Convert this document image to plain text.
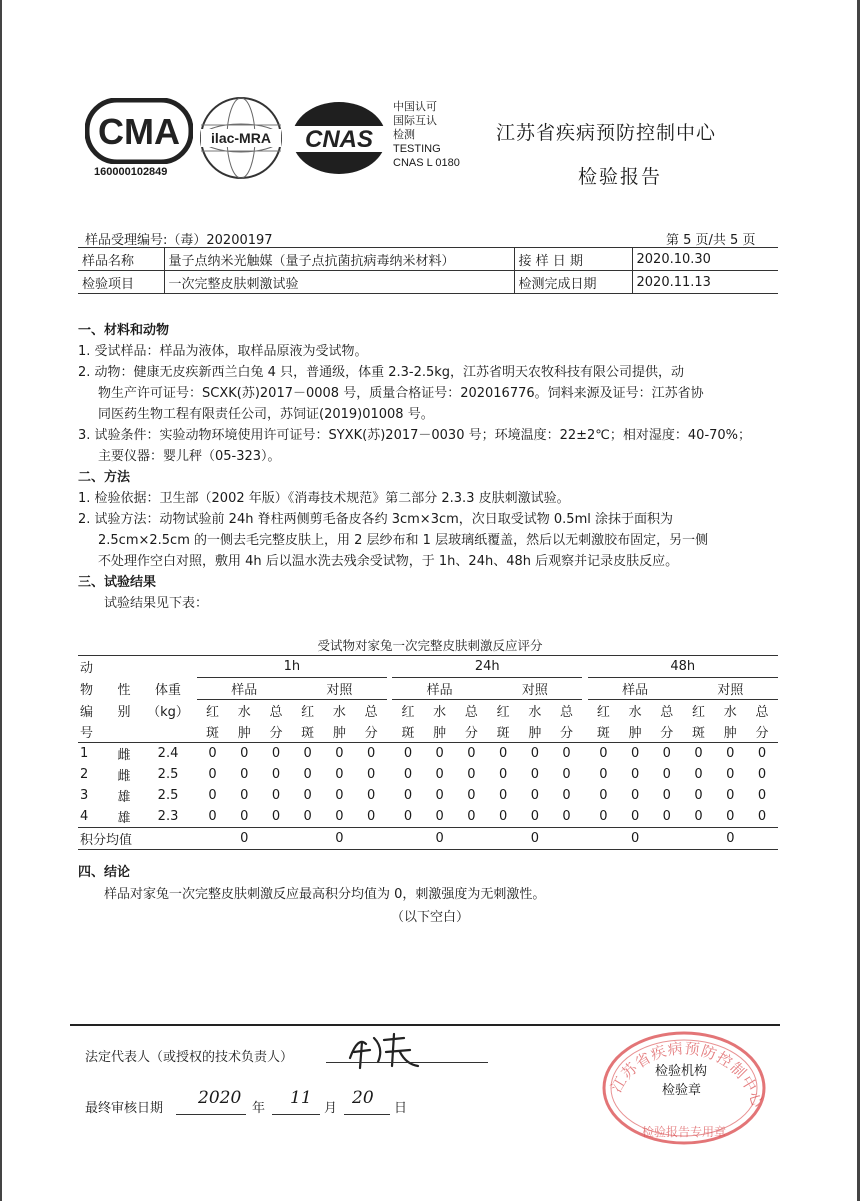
CMA
160000102849
ilac-MRA CNAS
中国认可
国际互认
检测
TESTING
CNAS L 0180
江苏省疾病预防控制中心
检验报告
样品受理编号:（毒）20200197	第 5 页/共 5 页
样品名称	量子点纳米光触媒（量子点抗菌抗病毒纳米材料）	接 样 日 期	2020.10.30
检验项目	一次完整皮肤刺激试验	检测完成日期	2020.11.13
一、材料和动物
1. 受试样品：样品为液体，取样品原液为受试物。
2. 动物：健康无皮疾新西兰白兔 4 只，普通级，体重 2.3-2.5kg，江苏省明天农牧科技有限公司提供，动
物生产许可证号：SCXK(苏)2017－0008 号，质量合格证号：202016776。饲料来源及证号：江苏省协
同医药生物工程有限责任公司，苏饲证(2019)01008 号。
3. 试验条件：实验动物环境使用许可证号：SYXK(苏)2017－0030 号；环境温度：22±2℃；相对湿度：40-70%；
主要仪器：婴儿秤（05-323）。
二、方法
1. 检验依据：卫生部（2002 年版）《消毒技术规范》第二部分 2.3.3 皮肤刺激试验。
2. 试验方法：动物试验前 24h 脊柱两侧剪毛备皮各约 3cm×3cm，次日取受试物 0.5ml 涂抹于面积为
2.5cm×2.5cm 的一侧去毛完整皮肤上，用 2 层纱布和 1 层玻璃纸覆盖，然后以无刺激胶布固定，另一侧
不处理作空白对照，敷用 4h 后以温水洗去残余受试物，于 1h、24h、48h 后观察并记录皮肤反应。
三、试验结果
试验结果见下表：
受试物对家兔一次完整皮肤刺激反应评分
动			1h							24h							48h					
物	性	体重	样品			对照				样品			对照				样品			对照		
编	别	（kg）	红	水	总	红	水	总		红	水	总	红	水	总		红	水	总	红	水	总
号			斑	肿	分	斑	肿	分		斑	肿	分	斑	肿	分		斑	肿	分	斑	肿	分
1	雌	2.4	0	0	0	0	0	0		0	0	0	0	0	0		0	0	0	0	0	0
2	雌	2.5	0	0	0	0	0	0		0	0	0	0	0	0		0	0	0	0	0	0
3	雄	2.5	0	0	0	0	0	0		0	0	0	0	0	0		0	0	0	0	0	0
4	雄	2.3	0	0	0	0	0	0		0	0	0	0	0	0		0	0	0	0	0	0
积分均值			0			0				0			0				0			0		
四、结论
样品对家兔一次完整皮肤刺激反应最高积分均值为 0，刺激强度为无刺激性。
（以下空白）
法定代表人（或授权的技术负责人）
最终审核日期
2020
年
11
月
20
日
江苏省疾病预防控制中心
检验报告专用章
检验机构
检验章
